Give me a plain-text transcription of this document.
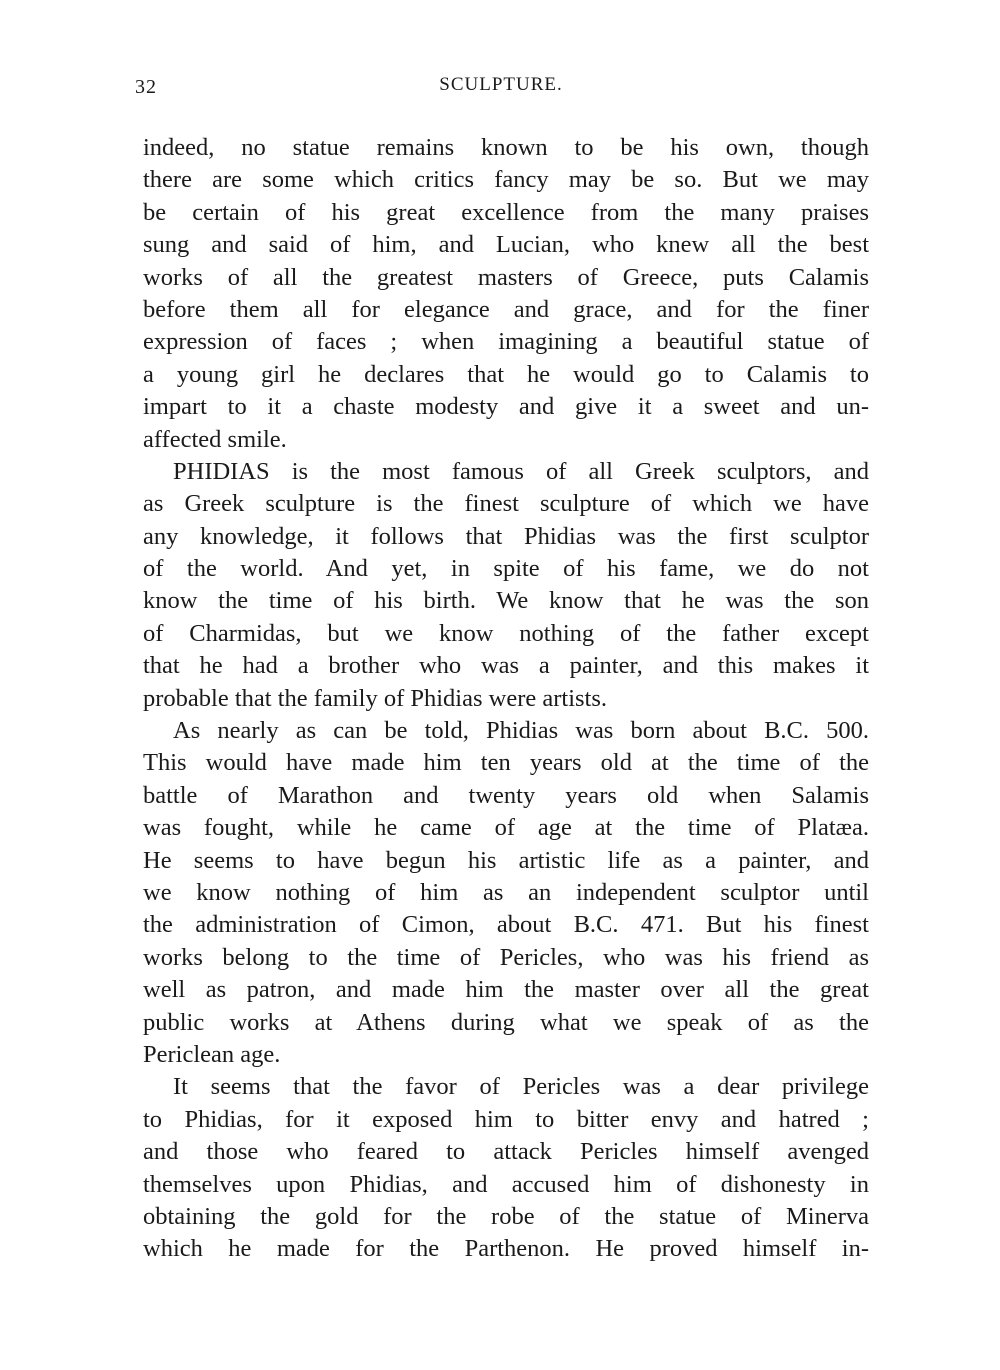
32	SCULPTURE.
indeed, no statue remains known to be his own, though
there are some which critics fancy may be so. But we may
be certain of his great excellence from the many praises
sung and said of him, and Lucian, who knew all the best
works of all the greatest masters of Greece, puts Calamis
before them all for elegance and grace, and for the finer
expression of faces ; when imagining a beautiful statue of
a young girl he declares that he would go to Calamis to
impart to it a chaste modesty and give it a sweet and un-
affected smile.
PHIDIAS is the most famous of all Greek sculptors, and
as Greek sculpture is the finest sculpture of which we have
any knowledge, it follows that Phidias was the first sculptor
of the world. And yet, in spite of his fame, we do not
know the time of his birth. We know that he was the son
of Charmidas, but we know nothing of the father except
that he had a brother who was a painter, and this makes it
probable that the family of Phidias were artists.
As nearly as can be told, Phidias was born about B.C. 500.
This would have made him ten years old at the time of the
battle of Marathon and twenty years old when Salamis
was fought, while he came of age at the time of Platæa.
He seems to have begun his artistic life as a painter, and
we know nothing of him as an independent sculptor until
the administration of Cimon, about B.C. 471. But his finest
works belong to the time of Pericles, who was his friend as
well as patron, and made him the master over all the great
public works at Athens during what we speak of as the
Periclean age.
It seems that the favor of Pericles was a dear privilege
to Phidias, for it exposed him to bitter envy and hatred ;
and those who feared to attack Pericles himself avenged
themselves upon Phidias, and accused him of dishonesty in
obtaining the gold for the robe of the statue of Minerva
which he made for the Parthenon. He proved himself in-
